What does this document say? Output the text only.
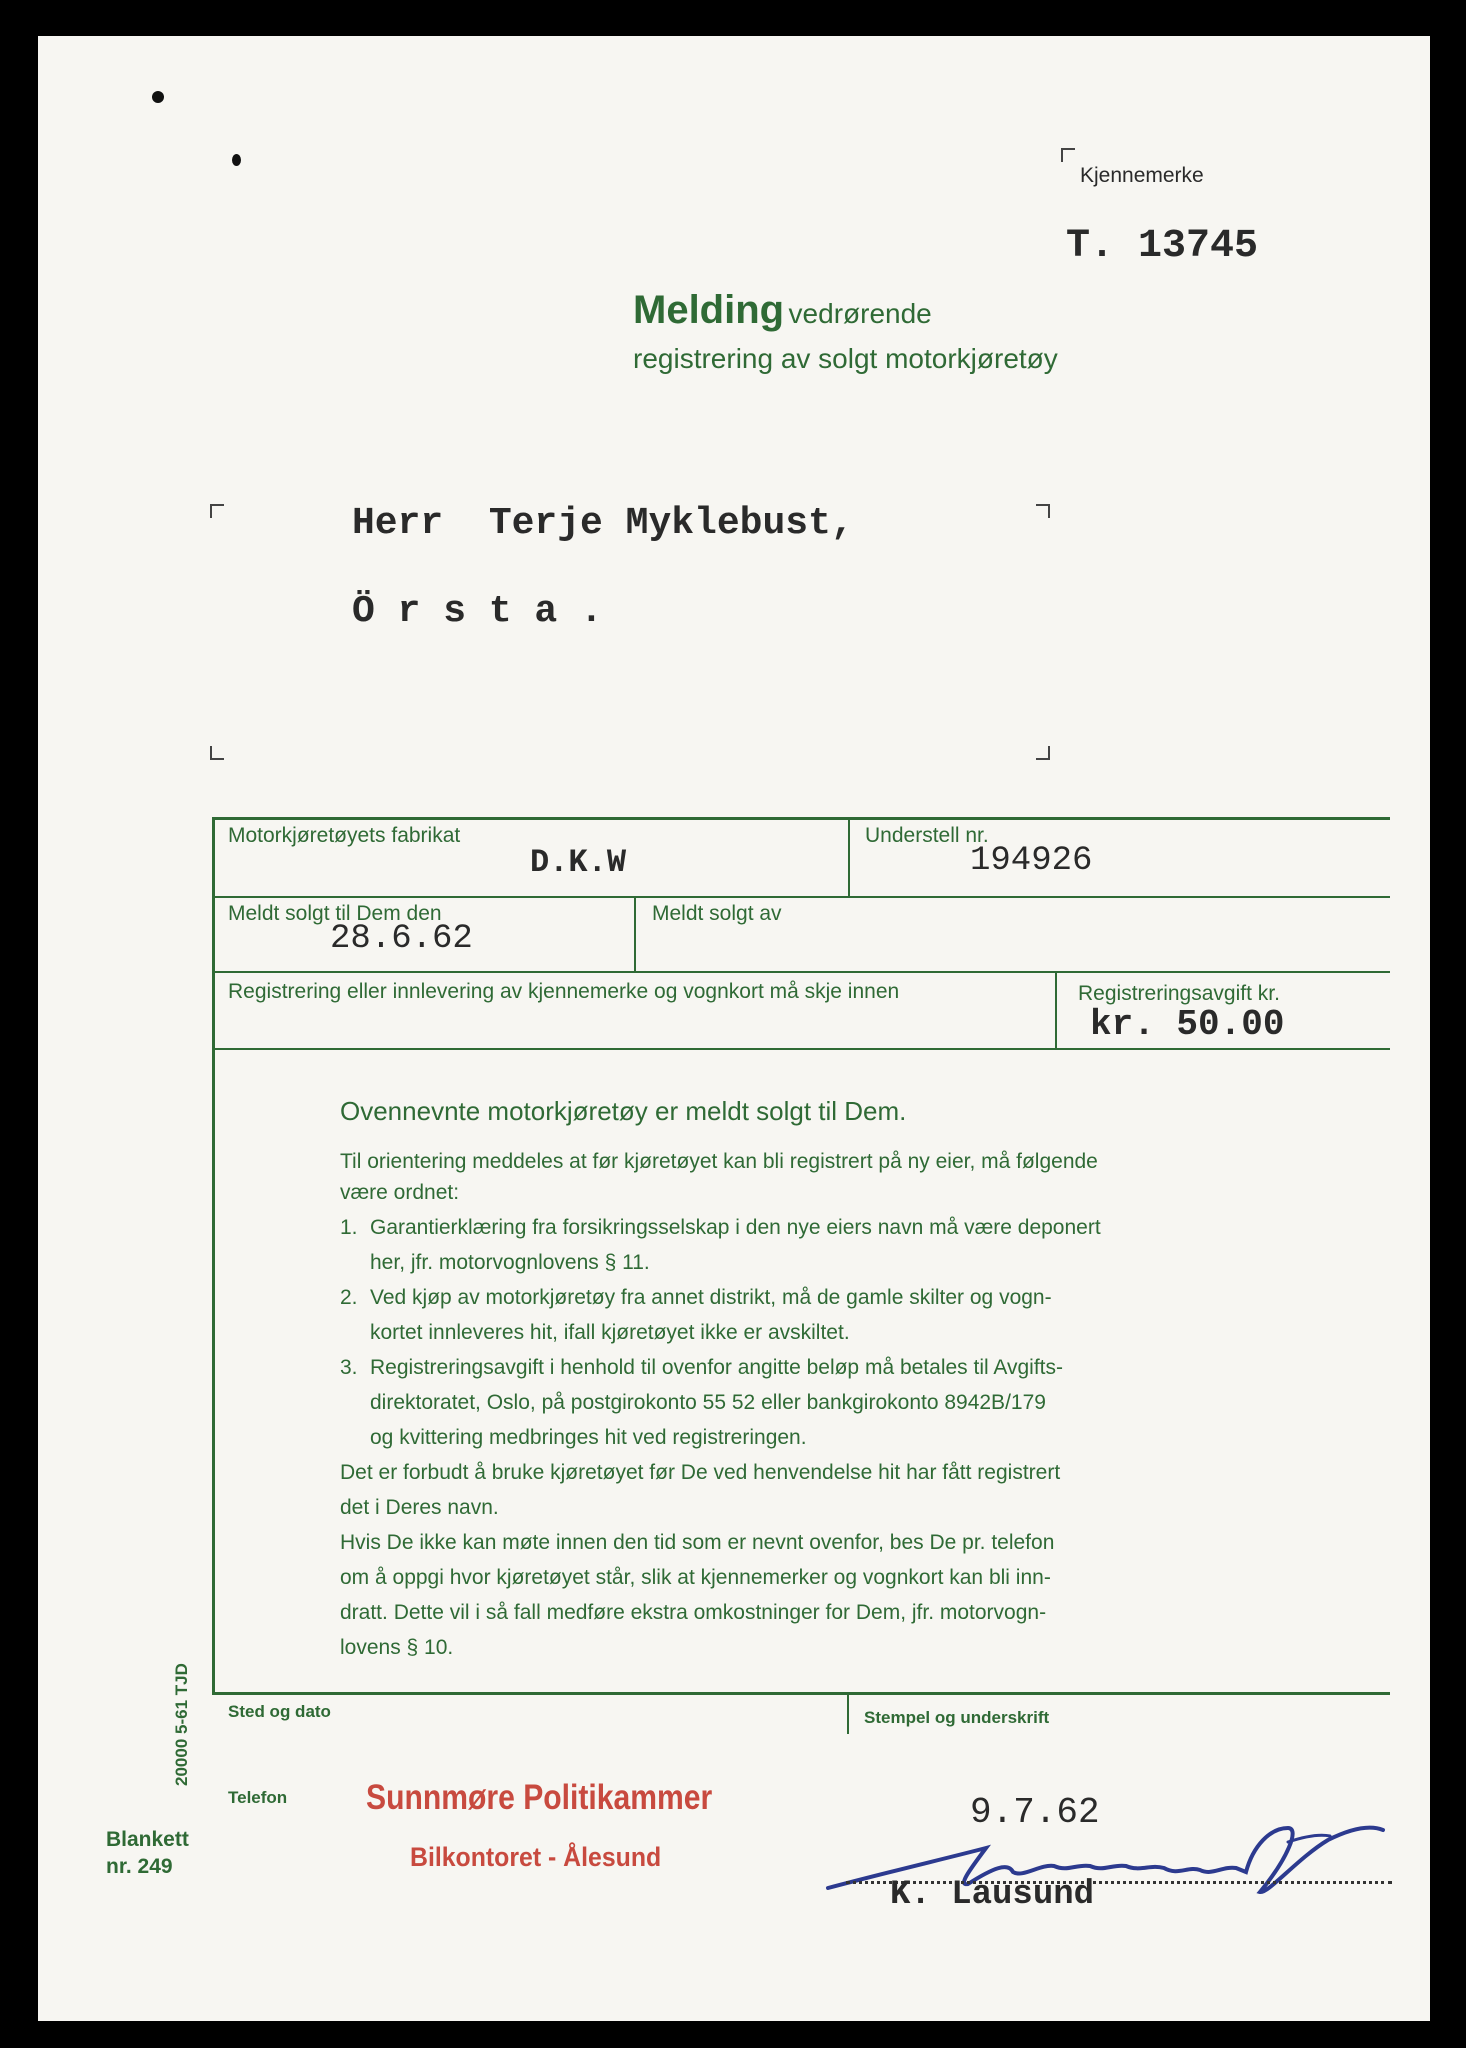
Kjennemerke
T. 13745
Melding vedrørende
registrering av solgt motorkjøretøy
Herr  Terje Myklebust,
Ö r s t a .
Motorkjøretøyets fabrikat
D.K.W
Understell nr.
194926
Meldt solgt til Dem den
28.6.62
Meldt solgt av
Registrering eller innlevering av kjennemerke og vognkort må skje innen	Registreringsavgift kr.
kr. 50.00
Ovennevnte motorkjøretøy er meldt solgt til Dem.
Til orientering meddeles at før kjøretøyet kan bli registrert på ny eier, må følgende
være ordnet:
1. Garantierklæring fra forsikringsselskap i den nye eiers navn må være deponert
her, jfr. motorvognlovens § 11.
2. Ved kjøp av motorkjøretøy fra annet distrikt, må de gamle skilter og vogn-
kortet innleveres hit, ifall kjøretøyet ikke er avskiltet.
3. Registreringsavgift i henhold til ovenfor angitte beløp må betales til Avgifts-
direktoratet, Oslo, på postgirokonto 55 52 eller bankgirokonto 8942B/179
og kvittering medbringes hit ved registreringen.
Det er forbudt å bruke kjøretøyet før De ved henvendelse hit har fått registrert
det i Deres navn.
Hvis De ikke kan møte innen den tid som er nevnt ovenfor, bes De pr. telefon
om å oppgi hvor kjøretøyet står, slik at kjennemerker og vognkort kan bli inn-
dratt. Dette vil i så fall medføre ekstra omkostninger for Dem, jfr. motorvogn-
lovens § 10.
Sted og dato	Stempel og underskrift
Telefon Sunnmøre Politikammer
Bilkontoret - Ålesund
9.7.62
K. Lausund
20000 5-61 TJD
Blankett
nr. 249
